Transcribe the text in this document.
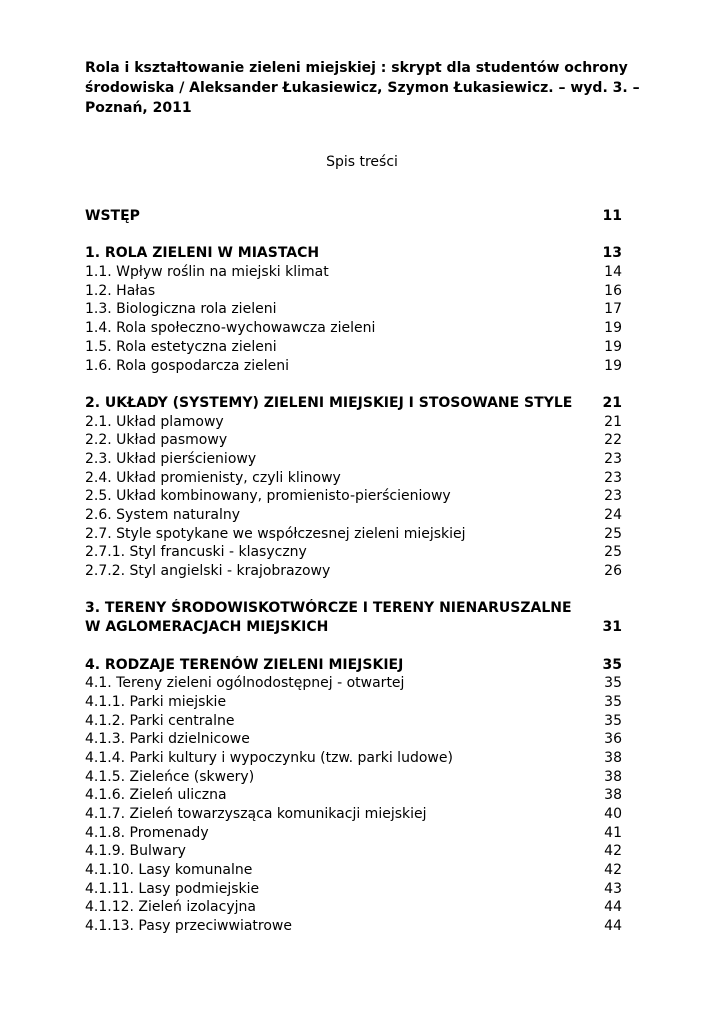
Rola i kształtowanie zieleni miejskiej : skrypt dla studentów ochrony
środowiska / Aleksander Łukasiewicz, Szymon Łukasiewicz. – wyd. 3. –
Poznań, 2011
Spis treści
WSTĘP	11
1. ROLA ZIELENI W MIASTACH	13
1.1. Wpływ roślin na miejski klimat	14
1.2. Hałas	16
1.3. Biologiczna rola zieleni	17
1.4. Rola społeczno-wychowawcza zieleni	19
1.5. Rola estetyczna zieleni	19
1.6. Rola gospodarcza zieleni	19
2. UKŁADY (SYSTEMY) ZIELENI MIEJSKIEJ I STOSOWANE STYLE	21
2.1. Układ plamowy	21
2.2. Układ pasmowy	22
2.3. Układ pierścieniowy	23
2.4. Układ promienisty, czyli klinowy	23
2.5. Układ kombinowany, promienisto-pierścieniowy	23
2.6. System naturalny	24
2.7. Style spotykane we współczesnej zieleni miejskiej	25
2.7.1. Styl francuski - klasyczny	25
2.7.2. Styl angielski - krajobrazowy	26
3. TERENY ŚRODOWISKOTWÓRCZE I TERENY NIENARUSZALNE
W AGLOMERACJACH MIEJSKICH	31
4. RODZAJE TERENÓW ZIELENI MIEJSKIEJ	35
4.1. Tereny zieleni ogólnodostępnej - otwartej	35
4.1.1. Parki miejskie	35
4.1.2. Parki centralne	35
4.1.3. Parki dzielnicowe	36
4.1.4. Parki kultury i wypoczynku (tzw. parki ludowe)	38
4.1.5. Zieleńce (skwery)	38
4.1.6. Zieleń uliczna	38
4.1.7. Zieleń towarzysząca komunikacji miejskiej	40
4.1.8. Promenady	41
4.1.9. Bulwary	42
4.1.10. Lasy komunalne	42
4.1.11. Lasy podmiejskie	43
4.1.12. Zieleń izolacyjna	44
4.1.13. Pasy przeciwwiatrowe	44
